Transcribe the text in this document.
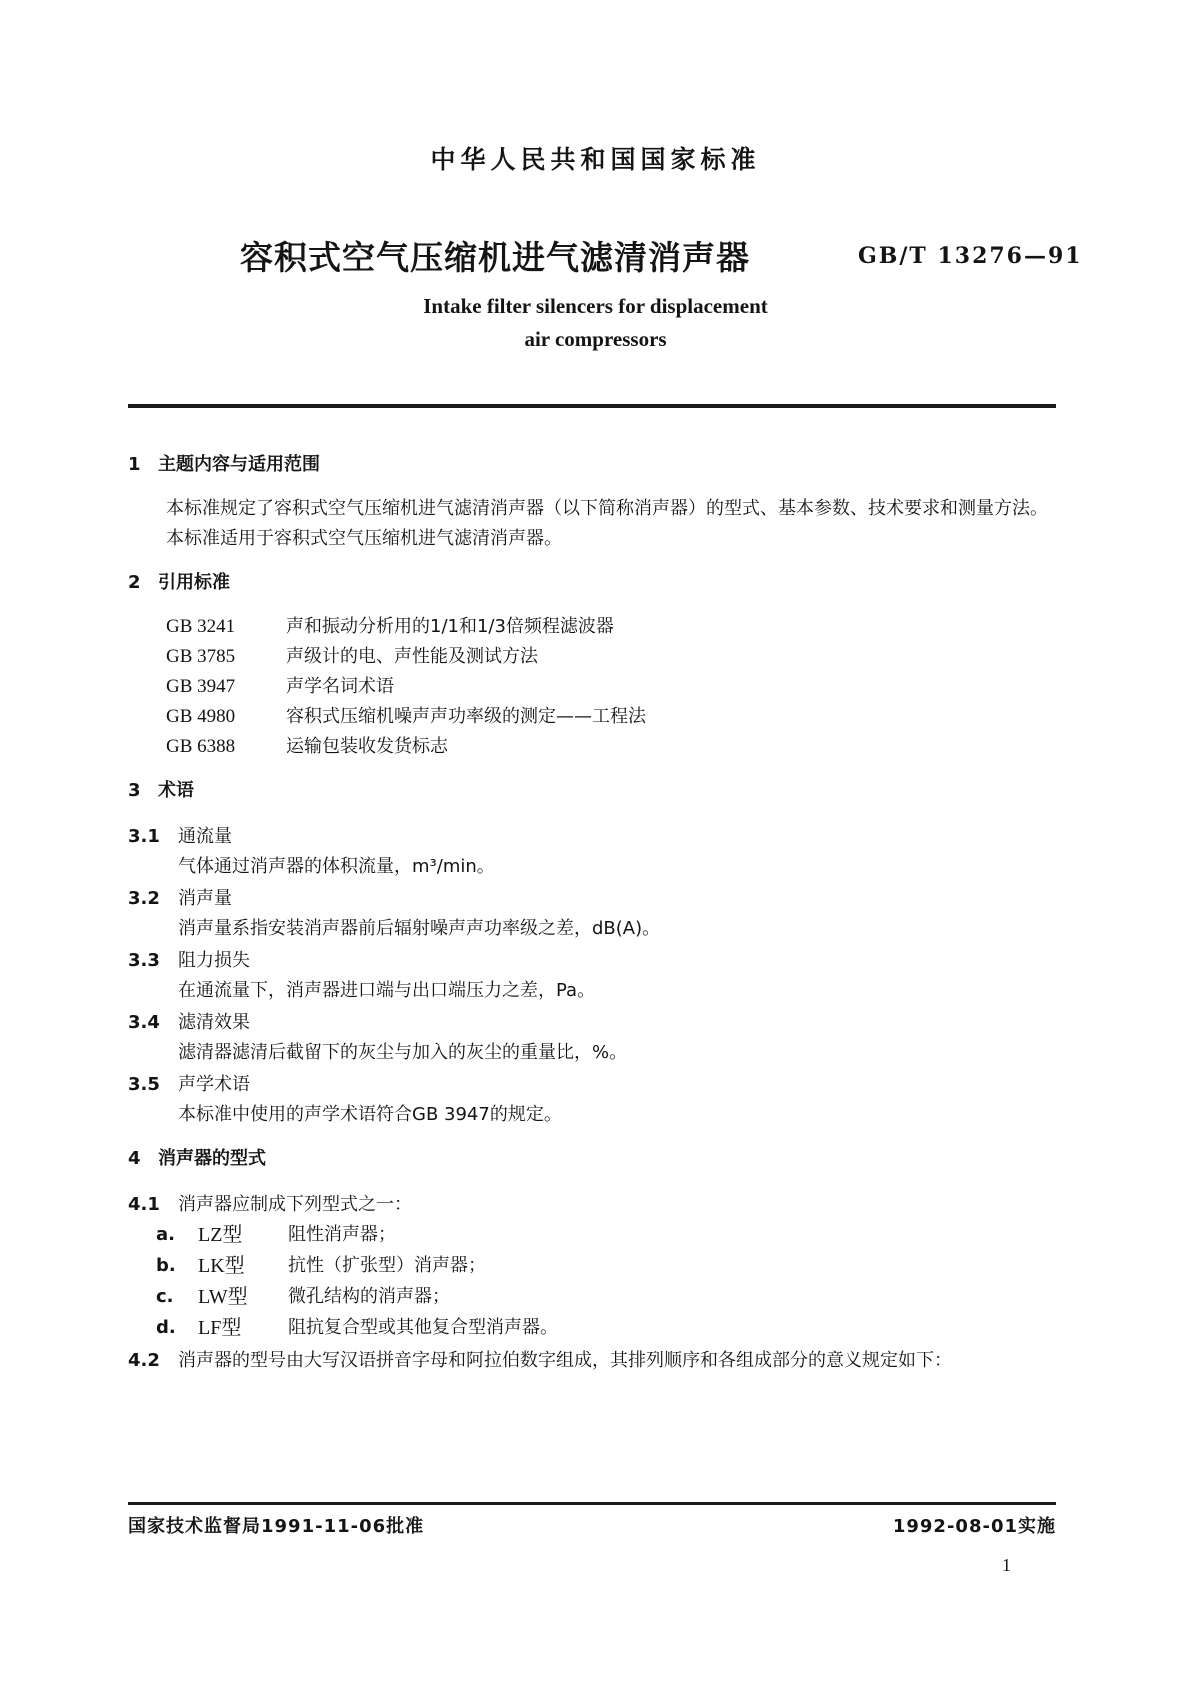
中华人民共和国国家标准
容积式空气压缩机进气滤清消声器	GB/T 13276—91
Intake filter silencers for displacement
air compressors

1 主题内容与适用范围

本标准规定了容积式空气压缩机进气滤清消声器（以下简称消声器）的型式、基本参数、技术要求和测量方法。

本标准适用于容积式空气压缩机进气滤清消声器。

2 引用标准

GB 3241	声和振动分析用的1/1和1/3倍频程滤波器
GB 3785	声级计的电、声性能及测试方法
GB 3947	声学名词术语
GB 4980	容积式压缩机噪声声功率级的测定——工程法
GB 6388	运输包装收发货标志

3 术语

3.1	通流量

气体通过消声器的体积流量，m³/min。

3.2	消声量

消声量系指安装消声器前后辐射噪声声功率级之差，dB(A)。

3.3	阻力损失

在通流量下，消声器进口端与出口端压力之差，Pa。

3.4	滤清效果

滤清器滤清后截留下的灰尘与加入的灰尘的重量比，%。

3.5	声学术语

本标准中使用的声学术语符合GB 3947的规定。

4 消声器的型式

4.1	消声器应制成下列型式之一：
a.	LZ型	阻性消声器；
b.	LK型	抗性（扩张型）消声器；
c.	LW型	微孔结构的消声器；
d.	LF型	阻抗复合型或其他复合型消声器。
4.2	消声器的型号由大写汉语拼音字母和阿拉伯数字组成，其排列顺序和各组成部分的意义规定如下：
国家技术监督局1991-11-06批准	1992-08-01实施
1
